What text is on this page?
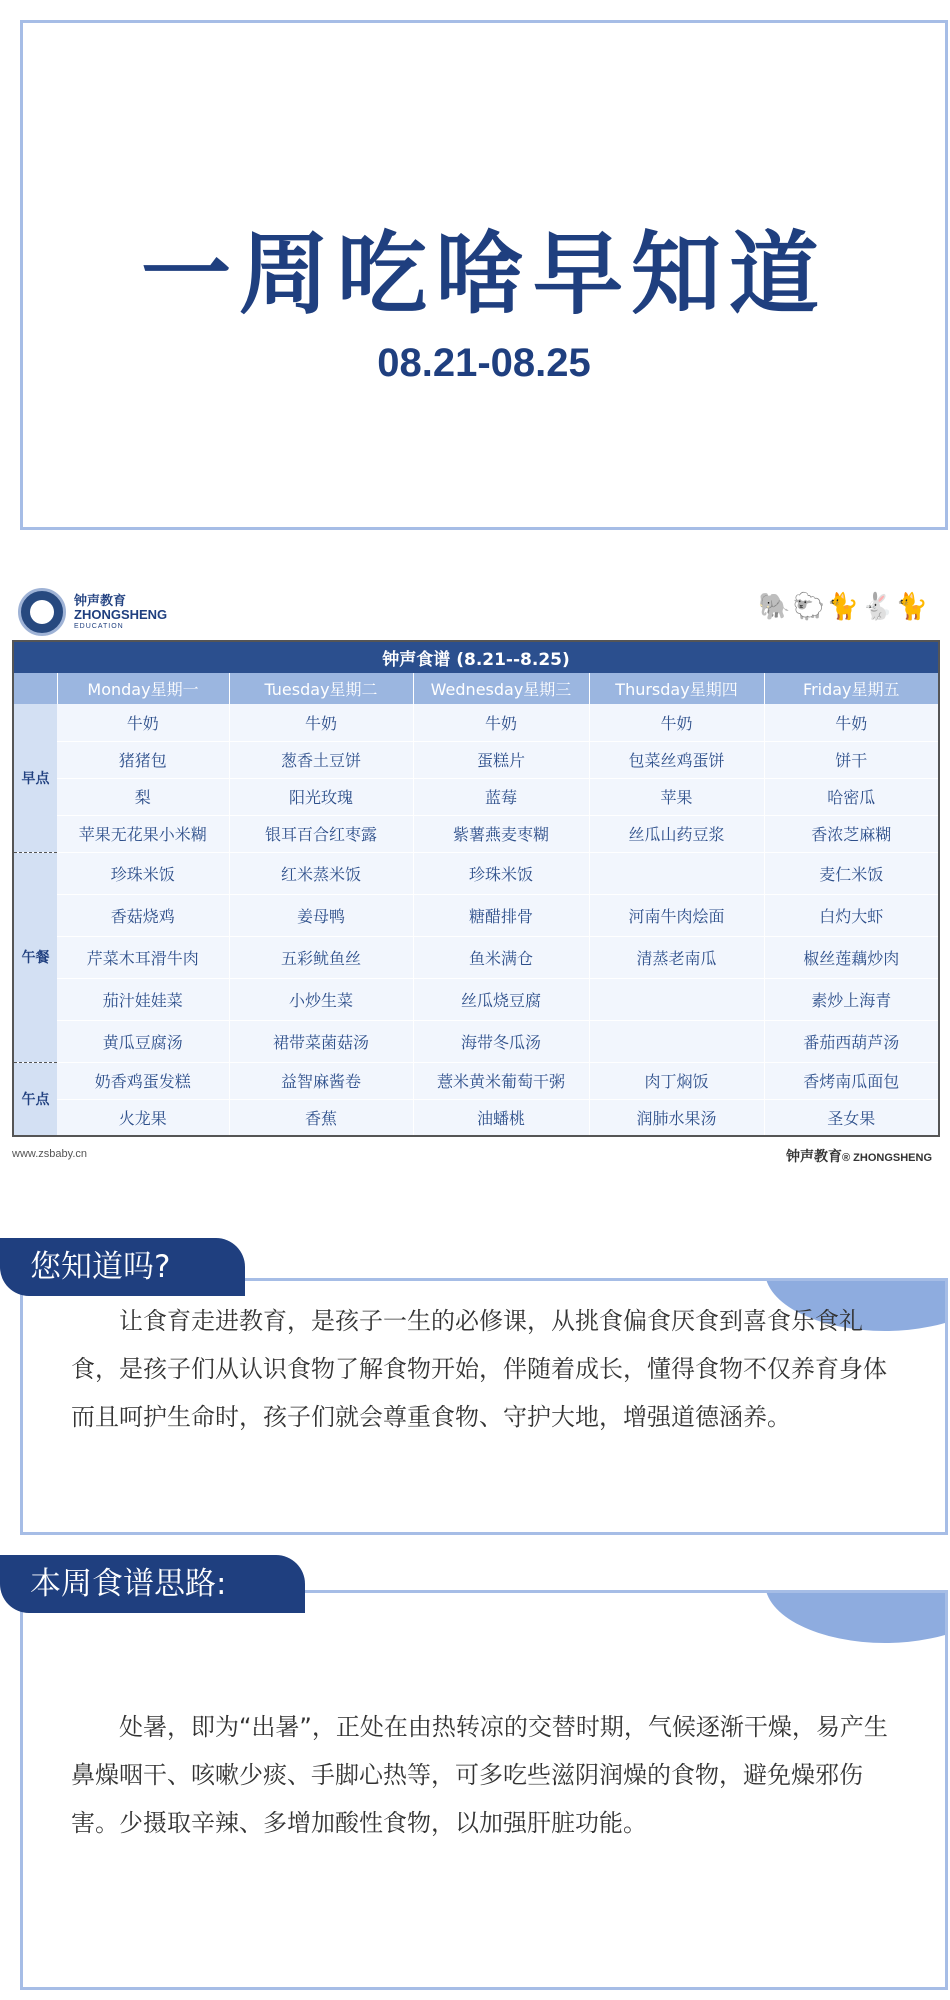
一周吃啥早知道
08.21-08.25
钟声教育
ZHONGSHENG
EDUCATION
🐘🐑🐈🐇🐈
钟声食谱 (8.21--8.25)					
	Monday星期一	Tuesday星期二	Wednesday星期三	Thursday星期四	Friday星期五
早点	牛奶	牛奶	牛奶	牛奶	牛奶
	猪猪包	葱香土豆饼	蛋糕片	包菜丝鸡蛋饼	饼干
	梨	阳光玫瑰	蓝莓	苹果	哈密瓜
	苹果无花果小米糊	银耳百合红枣露	紫薯燕麦枣糊	丝瓜山药豆浆	香浓芝麻糊
午餐	珍珠米饭	红米蒸米饭	珍珠米饭		麦仁米饭
	香菇烧鸡	姜母鸭	糖醋排骨	河南牛肉烩面	白灼大虾
	芹菜木耳滑牛肉	五彩鱿鱼丝	鱼米满仓	清蒸老南瓜	椒丝莲藕炒肉
	茄汁娃娃菜	小炒生菜	丝瓜烧豆腐		素炒上海青
	黄瓜豆腐汤	裙带菜菌菇汤	海带冬瓜汤		番茄西葫芦汤
午点	奶香鸡蛋发糕	益智麻酱卷	薏米黄米葡萄干粥	肉丁焖饭	香烤南瓜面包
	火龙果	香蕉	油蟠桃	润肺水果汤	圣女果
www.zsbaby.cn	钟声教育® ZHONGSHENG
让食育走进教育，是孩子一生的必修课，从挑食偏食厌食到喜食乐食礼食，是孩子们从认识食物了解食物开始，伴随着成长，懂得食物不仅养育身体而且呵护生命时，孩子们就会尊重食物、守护大地，增强道德涵养。
您知道吗?
处暑，即为“出暑”，正处在由热转凉的交替时期，气候逐渐干燥，易产生鼻燥咽干、咳嗽少痰、手脚心热等，可多吃些滋阴润燥的食物，避免燥邪伤害。少摄取辛辣、多增加酸性食物，以加强肝脏功能。
本周食谱思路:
